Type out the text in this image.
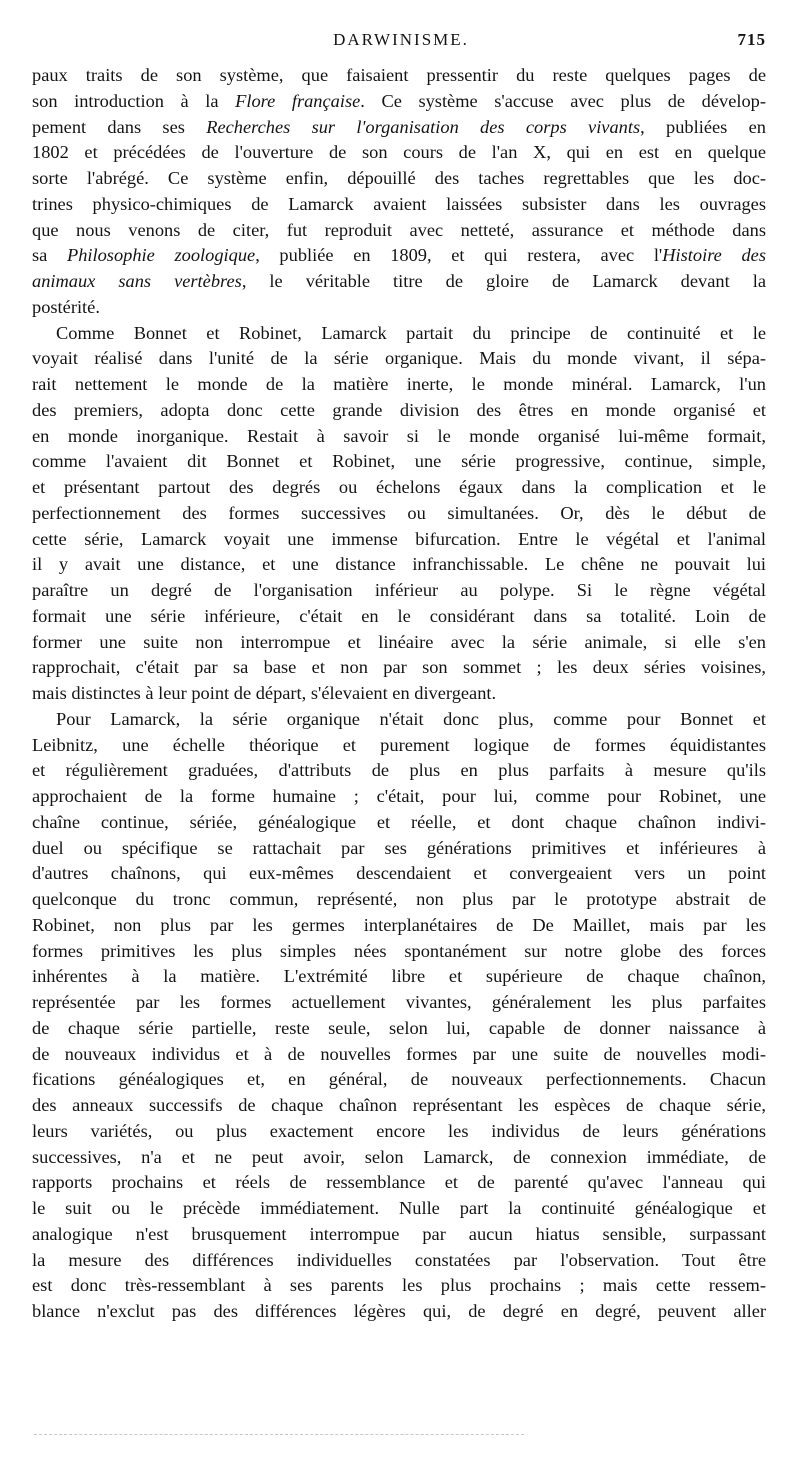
DARWINISME.	715

paux traits de son système, que faisaient pressentir du reste quelques pages de
son introduction à la Flore française. Ce système s'accuse avec plus de dévelop-
pement dans ses Recherches sur l'organisation des corps vivants, publiées en
1802 et précédées de l'ouverture de son cours de l'an X, qui en est en quelque
sorte l'abrégé. Ce système enfin, dépouillé des taches regrettables que les doc-
trines physico-chimiques de Lamarck avaient laissées subsister dans les ouvrages
que nous venons de citer, fut reproduit avec netteté, assurance et méthode dans
sa Philosophie zoologique, publiée en 1809, et qui restera, avec l'Histoire des
animaux sans vertèbres, le véritable titre de gloire de Lamarck devant la
postérité.

Comme Bonnet et Robinet, Lamarck partait du principe de continuité et le
voyait réalisé dans l'unité de la série organique. Mais du monde vivant, il sépa-
rait nettement le monde de la matière inerte, le monde minéral. Lamarck, l'un
des premiers, adopta donc cette grande division des êtres en monde organisé et
en monde inorganique. Restait à savoir si le monde organisé lui-même formait,
comme l'avaient dit Bonnet et Robinet, une série progressive, continue, simple,
et présentant partout des degrés ou échelons égaux dans la complication et le
perfectionnement des formes successives ou simultanées. Or, dès le début de
cette série, Lamarck voyait une immense bifurcation. Entre le végétal et l'animal
il y avait une distance, et une distance infranchissable. Le chêne ne pouvait lui
paraître un degré de l'organisation inférieur au polype. Si le règne végétal
formait une série inférieure, c'était en le considérant dans sa totalité. Loin de
former une suite non interrompue et linéaire avec la série animale, si elle s'en
rapprochait, c'était par sa base et non par son sommet ; les deux séries voisines,
mais distinctes à leur point de départ, s'élevaient en divergeant.

Pour Lamarck, la série organique n'était donc plus, comme pour Bonnet et
Leibnitz, une échelle théorique et purement logique de formes équidistantes
et régulièrement graduées, d'attributs de plus en plus parfaits à mesure qu'ils
approchaient de la forme humaine ; c'était, pour lui, comme pour Robinet, une
chaîne continue, sériée, généalogique et réelle, et dont chaque chaînon indivi-
duel ou spécifique se rattachait par ses générations primitives et inférieures à
d'autres chaînons, qui eux-mêmes descendaient et convergeaient vers un point
quelconque du tronc commun, représenté, non plus par le prototype abstrait de
Robinet, non plus par les germes interplanétaires de De Maillet, mais par les
formes primitives les plus simples nées spontanément sur notre globe des forces
inhérentes à la matière. L'extrémité libre et supérieure de chaque chaînon,
représentée par les formes actuellement vivantes, généralement les plus parfaites
de chaque série partielle, reste seule, selon lui, capable de donner naissance à
de nouveaux individus et à de nouvelles formes par une suite de nouvelles modi-
fications généalogiques et, en général, de nouveaux perfectionnements. Chacun
des anneaux successifs de chaque chaînon représentant les espèces de chaque série,
leurs variétés, ou plus exactement encore les individus de leurs générations
successives, n'a et ne peut avoir, selon Lamarck, de connexion immédiate, de
rapports prochains et réels de ressemblance et de parenté qu'avec l'anneau qui
le suit ou le précède immédiatement. Nulle part la continuité généalogique et
analogique n'est brusquement interrompue par aucun hiatus sensible, surpassant
la mesure des différences individuelles constatées par l'observation. Tout être
est donc très-ressemblant à ses parents les plus prochains ; mais cette ressem-
blance n'exclut pas des différences légères qui, de degré en degré, peuvent aller
